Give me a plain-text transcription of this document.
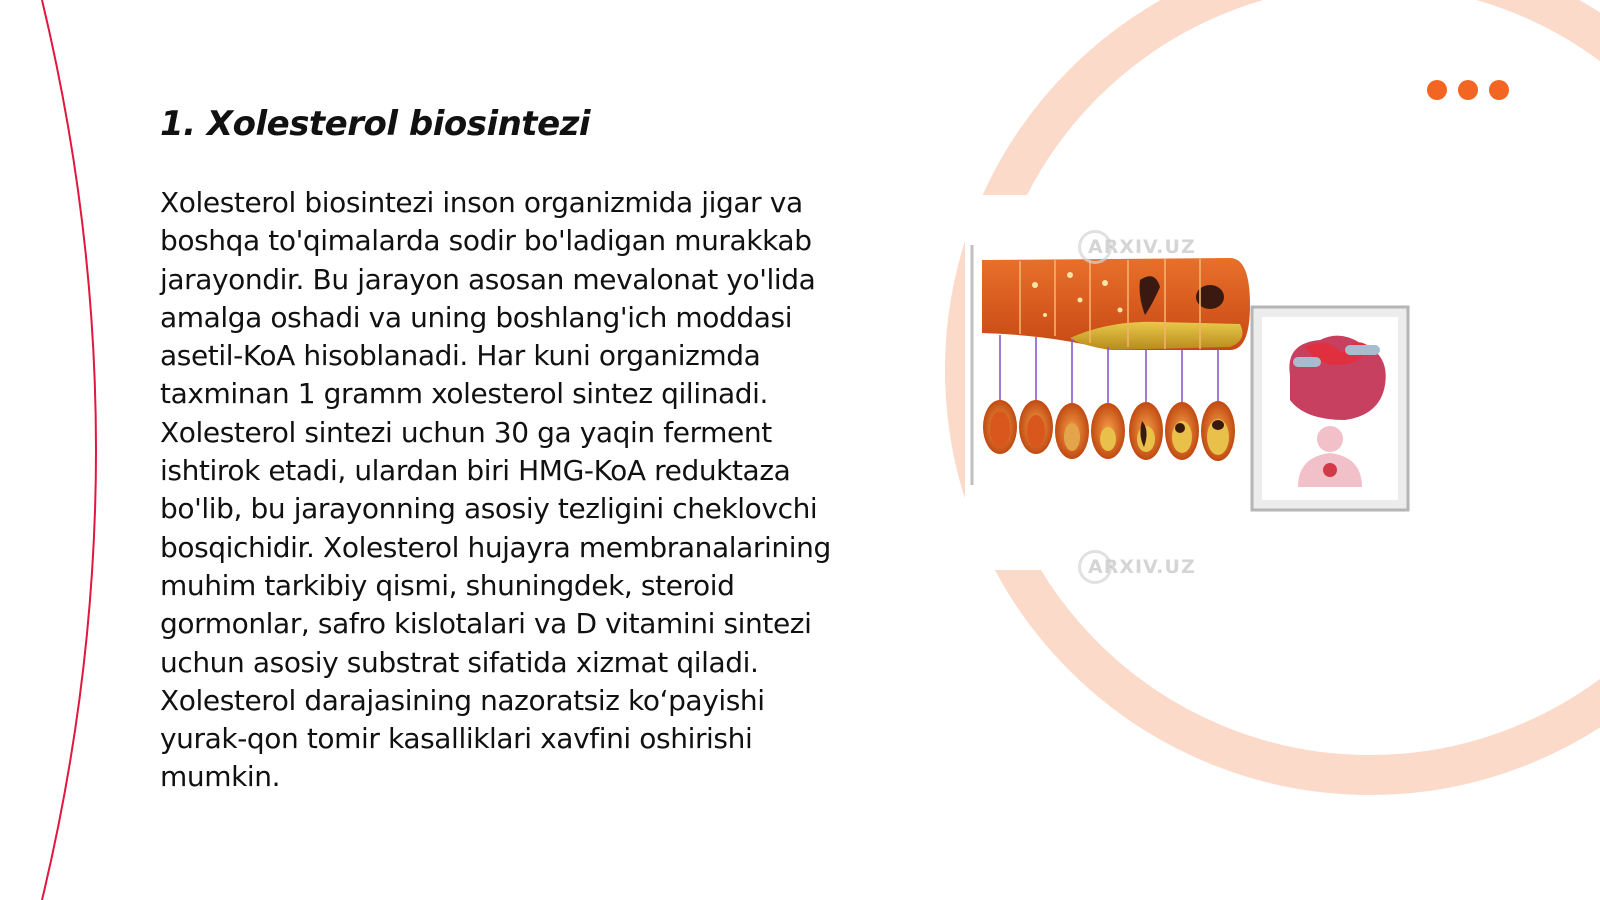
1. Xolesterol biosintezi

Xolesterol biosintezi inson organizmida jigar va boshqa to'qimalarda sodir bo'ladigan murakkab jarayondir. Bu jarayon asosan mevalonat yo'lida amalga oshadi va uning boshlang'ich moddasi asetil-KoA hisoblanadi. Har kuni organizmda taxminan 1 gramm xolesterol sintez qilinadi. Xolesterol sintezi uchun 30 ga yaqin ferment ishtirok etadi, ulardan biri HMG-KoA reduktaza bo'lib, bu jarayonning asosiy tezligini cheklovchi bosqichidir. Xolesterol hujayra membranalarining muhim tarkibiy qismi, shuningdek, steroid gormonlar, safro kislotalari va D vitamini sintezi uchun asosiy substrat sifatida xizmat qiladi. Xolesterol darajasining nazoratsiz ko‘payishi yurak-qon tomir kasalliklari xavfini oshirishi mumkin.

ARXIV.UZ
ARXIV.UZ
